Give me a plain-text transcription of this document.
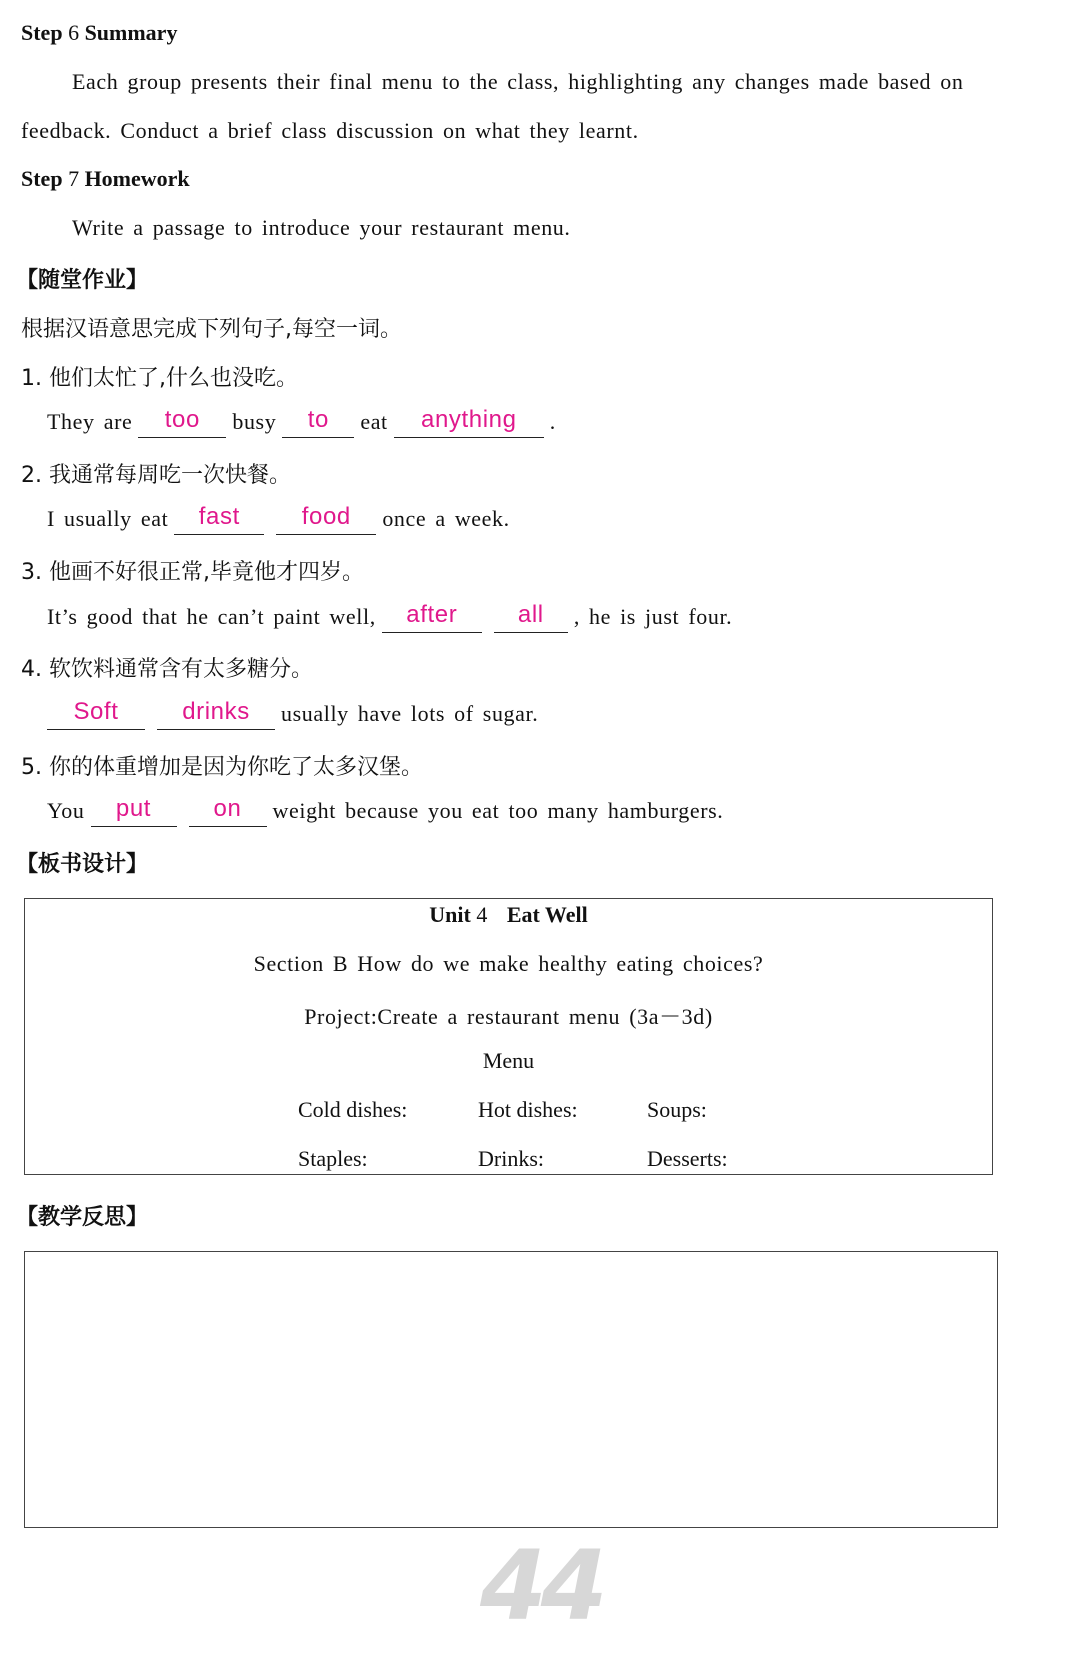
Step 6 Summary
Each group presents their final menu to the class, highlighting any changes made based on
feedback. Conduct a brief class discussion on what they learnt.
Step 7 Homework
Write a passage to introduce your restaurant menu.
【随堂作业】
根据汉语意思完成下列句子,每空一词。
1. 他们太忙了,什么也没吃。
They are too busy to eat anything .
2. 我通常每周吃一次快餐。
I usually eat fast	food once a week.
3. 他画不好很正常,毕竟他才四岁。
It’s good that he can’t paint well, after	all , he is just four.
4. 软饮料通常含有太多糖分。
Soft	drinks usually have lots of sugar.
5. 你的体重增加是因为你吃了太多汉堡。
You put	on weight because you eat too many hamburgers.
【板书设计】
Unit 4 Eat Well
Section B How do we make healthy eating choices?
Project:Create a restaurant menu (3a－3d)
Menu
Cold dishes:	Hot dishes:	Soups:
Staples:	Drinks:	Desserts:
【教学反思】
44
